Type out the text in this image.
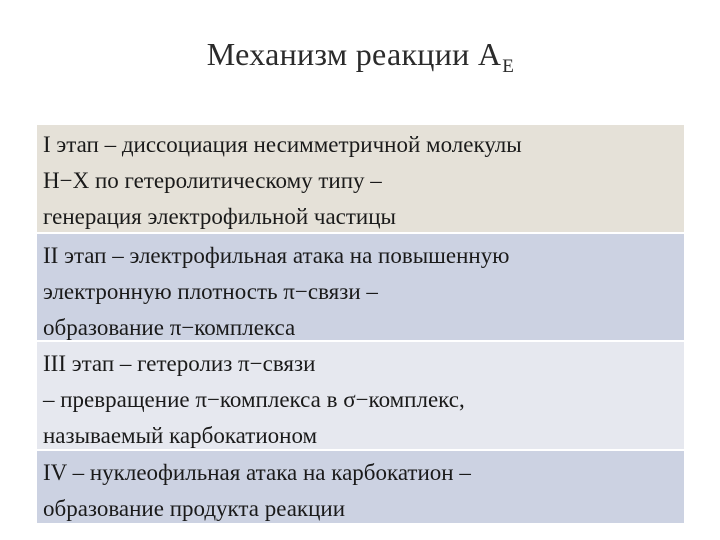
Механизм реакции $A_E$
I этап – диссоциация несимметричной молекулы
H−X по гетеролитическому типу –
генерация электрофильной частицы
II этап – электрофильная атака на повышенную
электронную плотность π−связи –
образование π−комплекса
III этап – гетеролиз π−связи
– превращение π−комплекса в σ−комплекс,
называемый карбокатионом
IV – нуклеофильная атака на карбокатион –
образование продукта реакции
